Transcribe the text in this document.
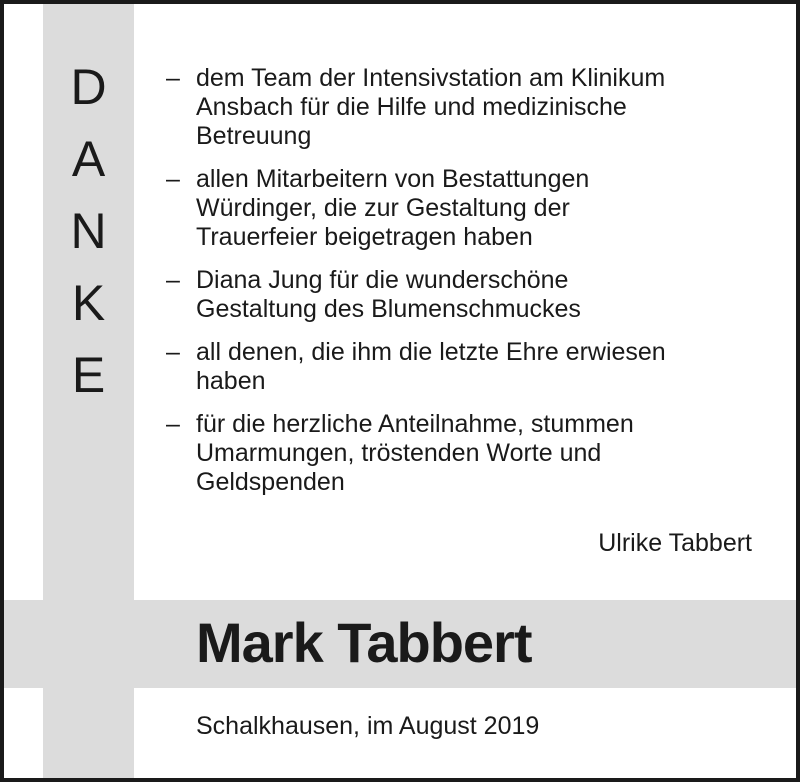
D
A
N
K
E
– dem Team der Intensivstation am Klinikum
Ansbach für die Hilfe und medizinische
Betreuung
– allen Mitarbeitern von Bestattungen
Würdinger, die zur Gestaltung der
Trauerfeier beigetragen haben
– Diana Jung für die wunderschöne
Gestaltung des Blumenschmuckes
– all denen, die ihm die letzte Ehre erwiesen
haben
– für die herzliche Anteilnahme, stummen
Umarmungen, tröstenden Worte und
Geldspenden
Ulrike Tabbert
Mark Tabbert
Schalkhausen, im August 2019
